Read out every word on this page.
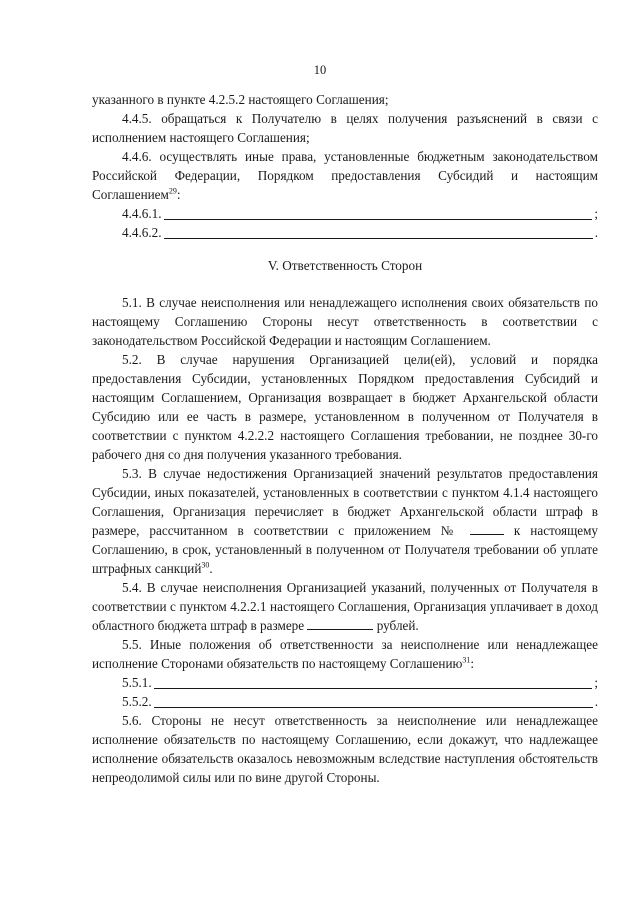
10

указанного в пункте 4.2.5.2 настоящего Соглашения;

4.4.5. обращаться к Получателю в целях получения разъяснений в связи с исполнением настоящего Соглашения;

4.4.6. осуществлять иные права, установленные бюджетным законодательством Российской Федерации, Порядком предоставления Субсидий и настоящим Соглашением$^{29}$:

4.4.6.1.	;
4.4.6.2.	.

V. Ответственность Сторон

5.1. В случае неисполнения или ненадлежащего исполнения своих обязательств по настоящему Соглашению Стороны несут ответственность в соответствии с законодательством Российской Федерации и настоящим Соглашением.

5.2. В случае нарушения Организацией цели(ей), условий и порядка предоставления Субсидии, установленных Порядком предоставления Субсидий и настоящим Соглашением, Организация возвращает в бюджет Архангельской области Субсидию или ее часть в размере, установленном в полученном от Получателя в соответствии с пунктом 4.2.2.2 настоящего Соглашения требовании, не позднее 30-го рабочего дня со дня получения указанного требования.

5.3. В случае недостижения Организацией значений результатов предоставления Субсидии, иных показателей, установленных в соответствии с пунктом 4.1.4 настоящего Соглашения, Организация перечисляет в бюджет Архангельской области штраф в размере, рассчитанном в соответствии с приложением №	к настоящему Соглашению, в срок, установленный в полученном от Получателя требовании об уплате штрафных санкций$^{30}$.

5.4. В случае неисполнения Организацией указаний, полученных от Получателя в соответствии с пунктом 4.2.2.1 настоящего Соглашения, Организация уплачивает в доход областного бюджета штраф в размере	рублей.

5.5. Иные положения об ответственности за неисполнение или ненадлежащее исполнение Сторонами обязательств по настоящему Соглашению$^{31}$:

5.5.1.	;
5.5.2.	.

5.6. Стороны не несут ответственность за неисполнение или ненадлежащее исполнение обязательств по настоящему Соглашению, если докажут, что надлежащее исполнение обязательств оказалось невозможным вследствие наступления обстоятельств непреодолимой силы или по вине другой Стороны.
